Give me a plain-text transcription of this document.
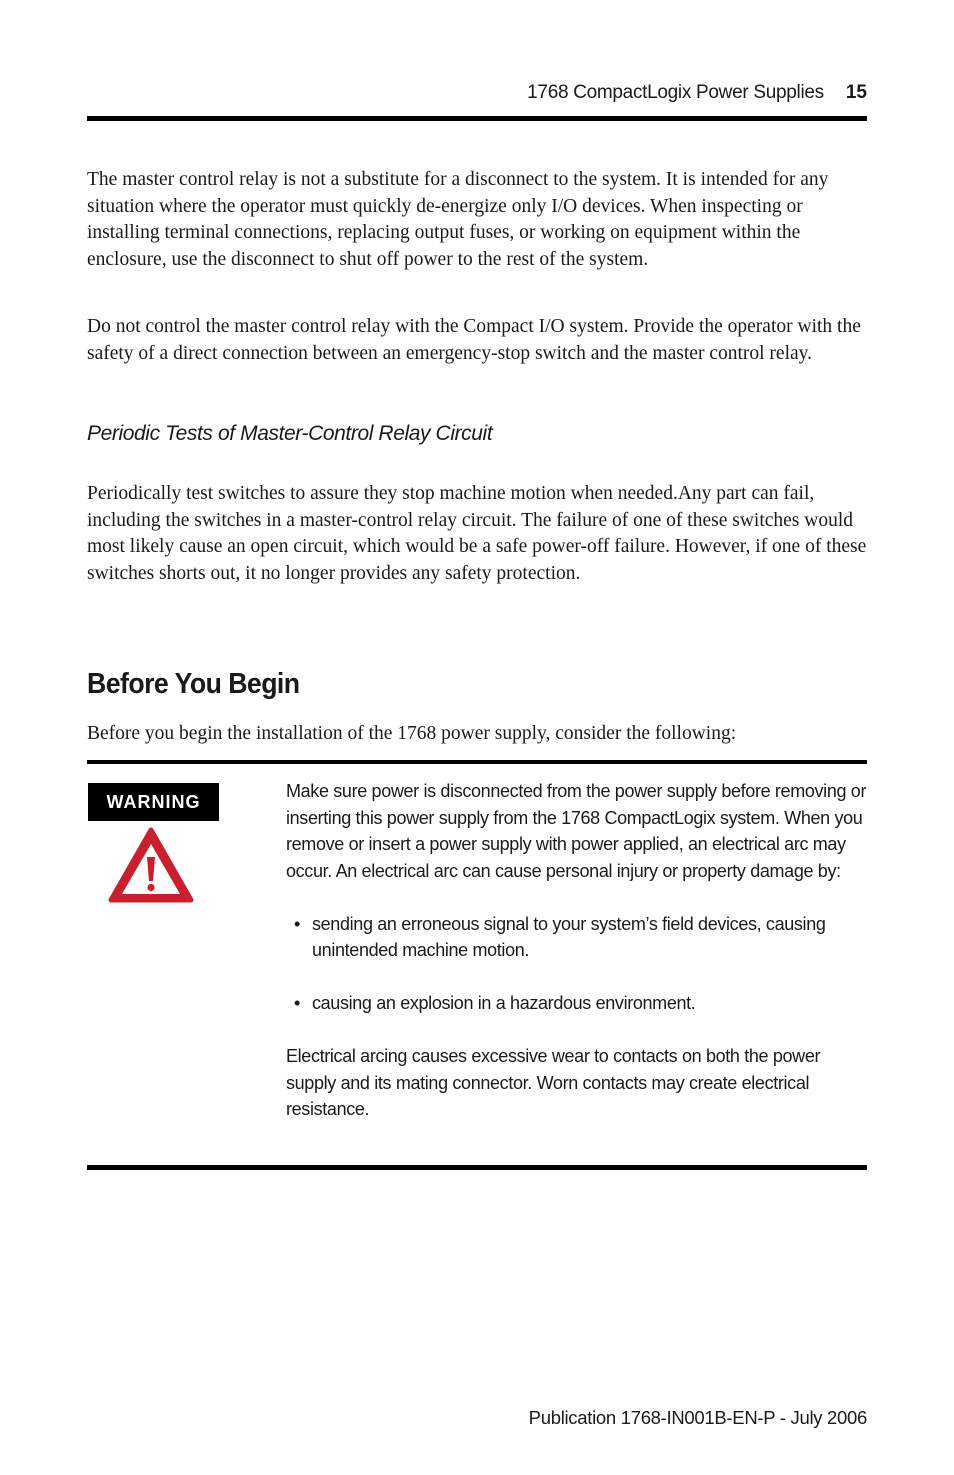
1768 CompactLogix Power Supplies 15

The master control relay is not a substitute for a disconnect to the system. It is intended for any situation where the operator must quickly de-energize only I/O devices. When inspecting or installing terminal connections, replacing output fuses, or working on equipment within the enclosure, use the disconnect to shut off power to the rest of the system.

Do not control the master control relay with the Compact I/O system. Provide the operator with the safety of a direct connection between an emergency-stop switch and the master control relay.

Periodic Tests of Master-Control Relay Circuit

Periodically test switches to assure they stop machine motion when needed.Any part can fail, including the switches in a master-control relay circuit. The failure of one of these switches would most likely cause an open circuit, which would be a safe power-off failure. However, if one of these switches shorts out, it no longer provides any safety protection.

Before You Begin

Before you begin the installation of the 1768 power supply, consider the following:

WARNING

Make sure power is disconnected from the power supply before removing or inserting this power supply from the 1768 CompactLogix system. When you remove or insert a power supply with power applied, an electrical arc may occur. An electrical arc can cause personal injury or property damage by:

• sending an erroneous signal to your system’s field devices, causing unintended machine motion.
• causing an explosion in a hazardous environment.

Electrical arcing causes excessive wear to contacts on both the power supply and its mating connector. Worn contacts may create electrical resistance.

Publication 1768-IN001B-EN-P - July 2006
